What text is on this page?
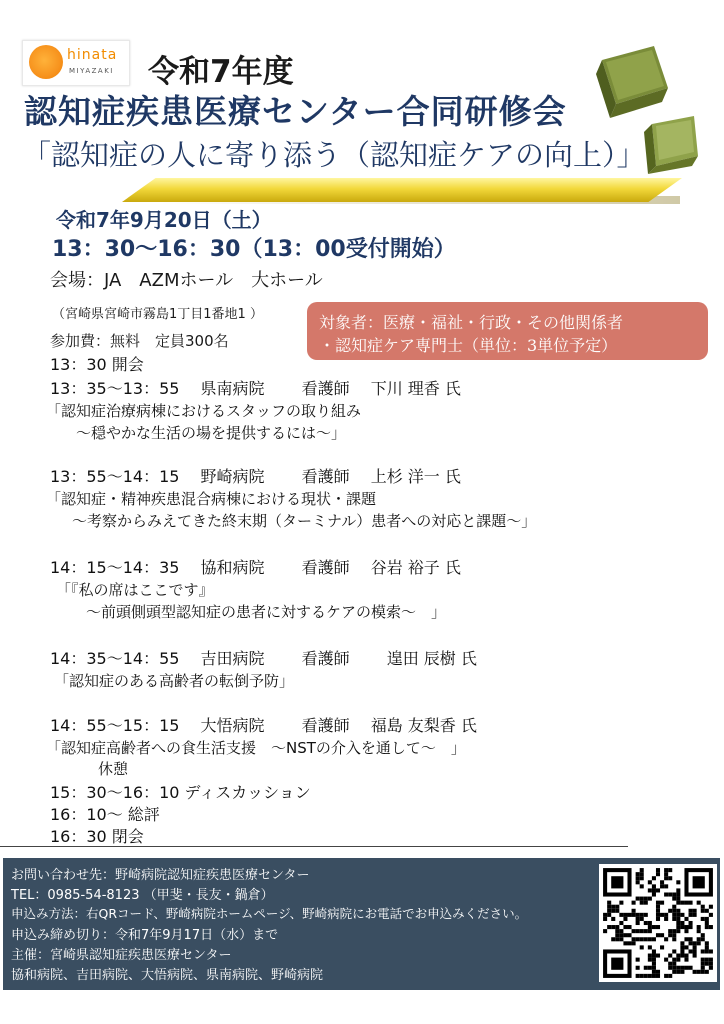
hinata
MIYAZAKI 令和7年度
認知症疾患医療センター合同研修会
「認知症の人に寄り添う（認知症ケアの向上）」
令和7年9月20日（土）
13：30〜16：30（13：00受付開始）
会場：JA　AZMホール　大ホール
（宮崎県宮崎市霧島1丁目1番地1 ）
参加費：無料　定員300名
対象者：医療・福祉・行政・その他関係者
・認知症ケア専門士（単位：3単位予定）
13：30 開会
13：35〜13：55　 県南病院　　 看護師　 下川 理香 氏
「認知症治療病棟におけるスタッフの取り組み
〜穏やかな生活の場を提供するには〜」
13：55〜14：15　 野崎病院　　 看護師　 上杉 洋一 氏
「認知症・精神疾患混合病棟における現状・課題
〜考察からみえてきた終末期（ターミナル）患者への対応と課題〜」
14：15〜14：35　 協和病院　　 看護師　 谷岩 裕子 氏
「『私の席はここです』
〜前頭側頭型認知症の患者に対するケアの模索〜　」
14：35〜14：55　 吉田病院　　 看護師　　 遑田 辰樹 氏
「認知症のある高齢者の転倒予防」
14：55〜15：15　 大悟病院　　 看護師　 福島 友梨香 氏
「認知症高齢者への食生活支援　〜NSTの介入を通して〜　」
休憩
15：30〜16：10 ディスカッション
16：10〜 総評
16：30 閉会
お問い合わせ先：野崎病院認知症疾患医療センター
TEL：0985-54-8123 （甲斐・長友・鍋倉）
申込み方法：右QRコード、野崎病院ホームページ、野崎病院にお電話でお申込みください。
申込み締め切り：令和7年9月17日（水）まで
主催：宮崎県認知症疾患医療センター
協和病院、吉田病院、大悟病院、県南病院、野崎病院
